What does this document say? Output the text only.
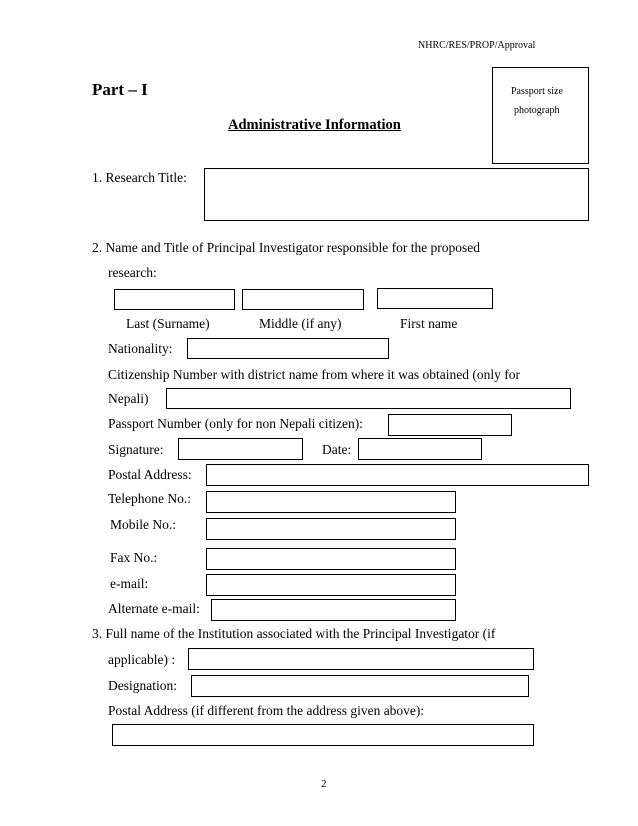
NHRC/RES/PROP/Approval
Part – I	Passport size
photograph
Administrative Information
1. Research Title:
2. Name and Title of Principal Investigator responsible for the proposed
research:
Last (Surname)	Middle (if any)	First name
Nationality:
Citizenship Number with district name from where it was obtained (only for
Nepali)
Passport Number (only for non Nepali citizen):
Signature:	Date:
Postal Address:
Telephone No.:
Mobile No.:
Fax No.:
e-mail:
Alternate e-mail:
3. Full name of the Institution associated with the Principal Investigator (if
applicable) :
Designation:
Postal Address (if different from the address given above):
2
